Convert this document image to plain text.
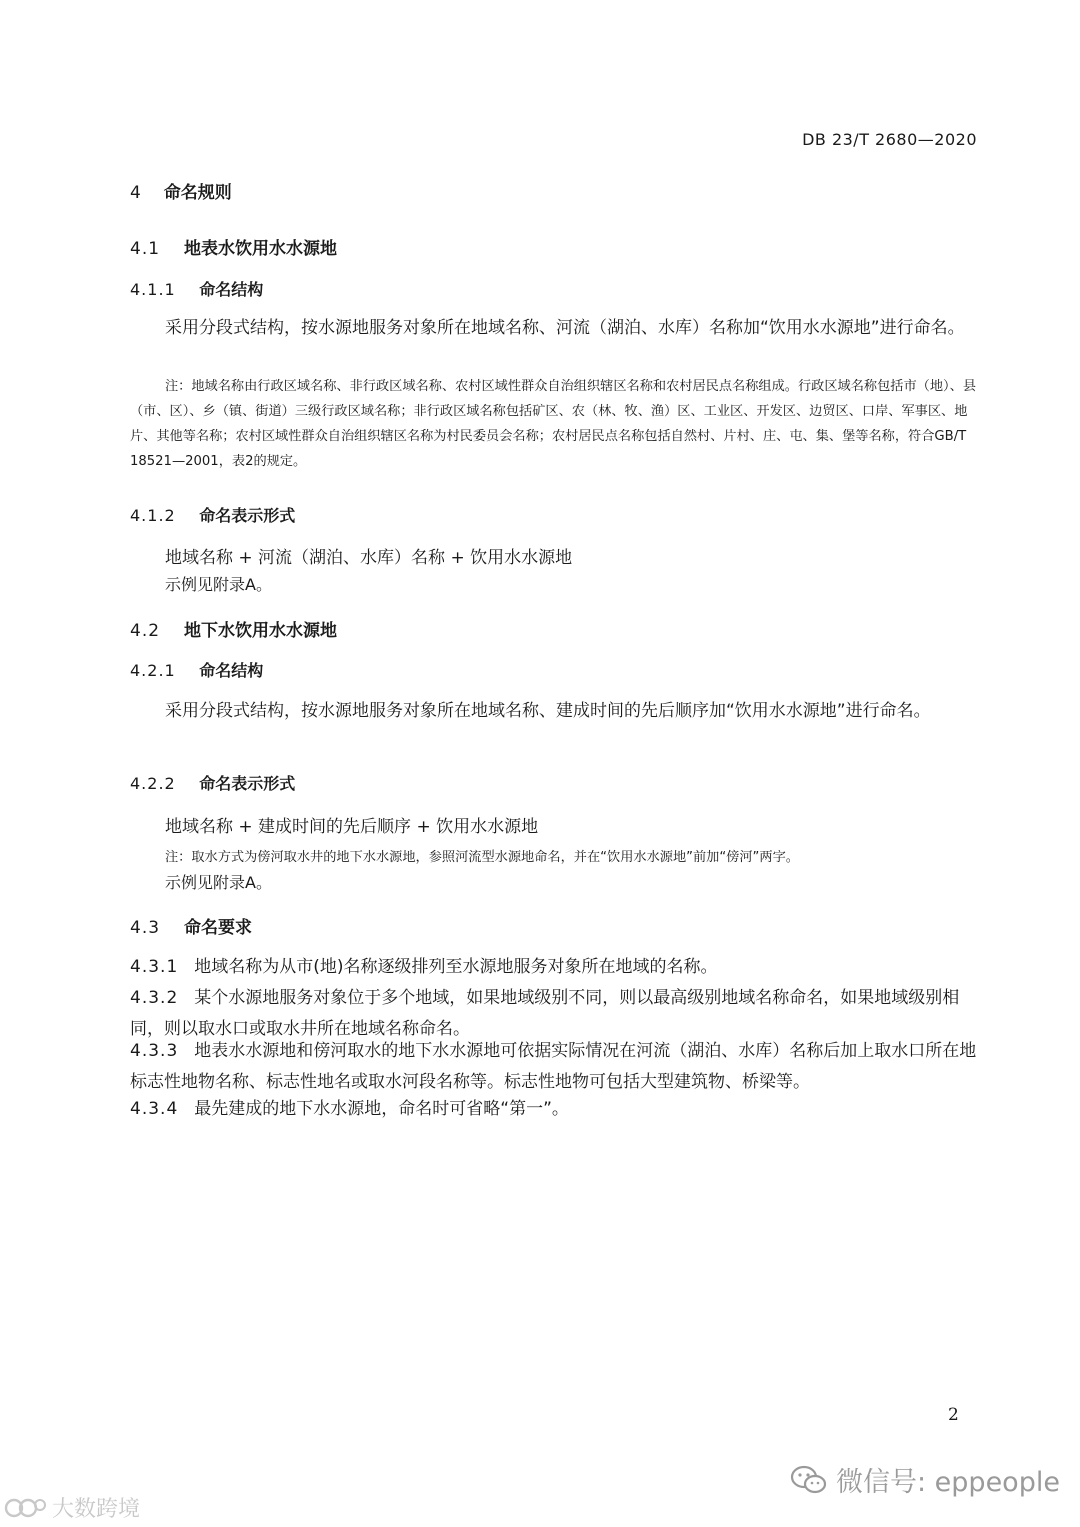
DB 23/T 2680—2020
4 命名规则
4.1 地表水饮用水水源地
4.1.1 命名结构
采用分段式结构，按水源地服务对象所在地域名称、河流（湖泊、水库）名称加“饮用水水源地”进行命名。
注：地域名称由行政区域名称、非行政区域名称、农村区域性群众自治组织辖区名称和农村居民点名称组成。行政区域名称包括市（地）、县（市、区）、乡（镇、街道）三级行政区域名称；非行政区域名称包括矿区、农（林、牧、渔）区、工业区、开发区、边贸区、口岸、军事区、地片、其他等名称；农村区域性群众自治组织辖区名称为村民委员会名称；农村居民点名称包括自然村、片村、庄、屯、集、堡等名称，符合GB/T 18521—2001，表2的规定。
4.1.2 命名表示形式
地域名称 + 河流（湖泊、水库）名称 + 饮用水水源地
示例见附录A。
4.2 地下水饮用水水源地
4.2.1 命名结构
采用分段式结构，按水源地服务对象所在地域名称、建成时间的先后顺序加“饮用水水源地”进行命名。
4.2.2 命名表示形式
地域名称 + 建成时间的先后顺序 + 饮用水水源地
注：取水方式为傍河取水井的地下水水源地，参照河流型水源地命名，并在“饮用水水源地”前加“傍河”两字。
示例见附录A。
4.3 命名要求
4.3.1 地域名称为从市(地)名称逐级排列至水源地服务对象所在地域的名称。
4.3.2 某个水源地服务对象位于多个地域，如果地域级别不同，则以最高级别地域名称命名，如果地域级别相同，则以取水口或取水井所在地域名称命名。
4.3.3 地表水水源地和傍河取水的地下水水源地可依据实际情况在河流（湖泊、水库）名称后加上取水口所在地标志性地物名称、标志性地名或取水河段名称等。标志性地物可包括大型建筑物、桥梁等。
4.3.4 最先建成的地下水水源地，命名时可省略“第一”。
2
微信号: eppeople
大数跨境
